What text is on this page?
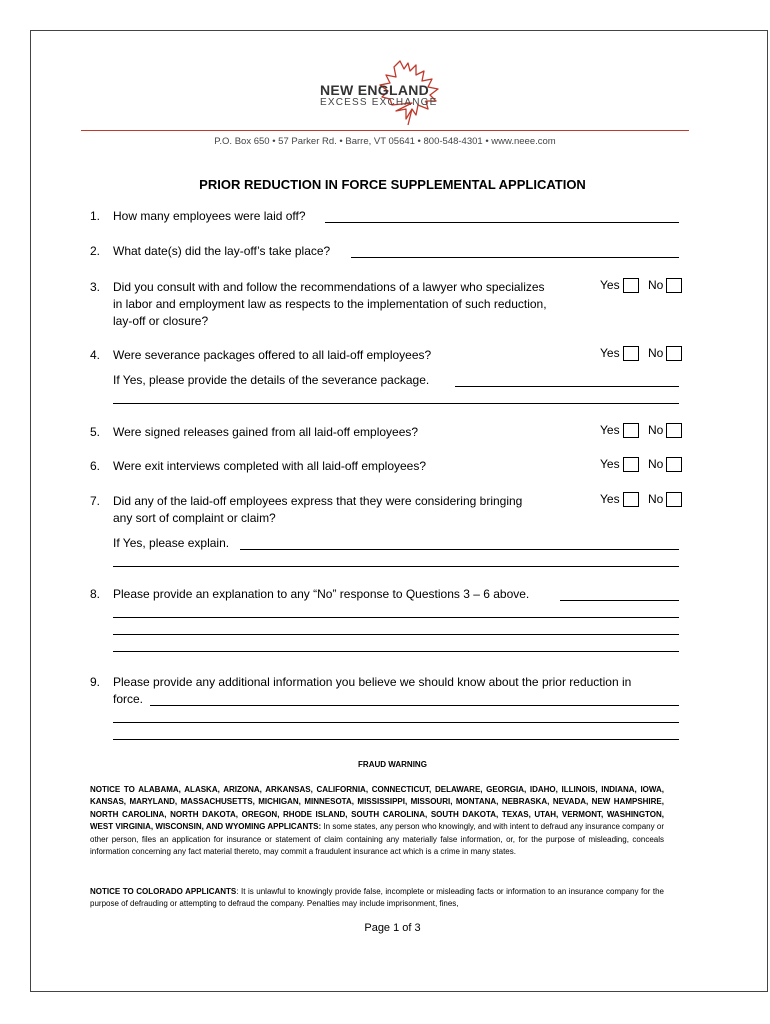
NEW ENGLAND
EXCESS EXCHANGE
P.O. Box 650 • 57 Parker Rd. • Barre, VT 05641 • 800-548-4301 • www.neee.com
PRIOR REDUCTION IN FORCE SUPPLEMENTAL APPLICATION
1. How many employees were laid off?
2. What date(s) did the lay-off’s take place?
3. Did you consult with and follow the recommendations of a lawyer who specializes
in labor and employment law as respects to the implementation of such reduction,
lay-off or closure?
Yes	No
4. Were severance packages offered to all laid-off employees?	Yes	No
If Yes, please provide the details of the severance package.
5. Were signed releases gained from all laid-off employees?	Yes	No
6. Were exit interviews completed with all laid-off employees?	Yes	No
7. Did any of the laid-off employees express that they were considering bringing
any sort of complaint or claim?
Yes	No
If Yes, please explain.
8. Please provide an explanation to any “No” response to Questions 3 – 6 above.
9. Please provide any additional information you believe we should know about the prior reduction in
force.
FRAUD WARNING
NOTICE TO ALABAMA, ALASKA, ARIZONA, ARKANSAS, CALIFORNIA, CONNECTICUT, DELAWARE, GEORGIA, IDAHO, ILLINOIS, INDIANA, IOWA, KANSAS, MARYLAND, MASSACHUSETTS, MICHIGAN, MINNESOTA, MISSISSIPPI, MISSOURI, MONTANA, NEBRASKA, NEVADA, NEW HAMPSHIRE, NORTH CAROLINA, NORTH DAKOTA, OREGON, RHODE ISLAND, SOUTH CAROLINA, SOUTH DAKOTA, TEXAS, UTAH, VERMONT, WASHINGTON, WEST VIRGINIA, WISCONSIN, AND WYOMING APPLICANTS: In some states, any person who knowingly, and with intent to defraud any insurance company or other person, files an application for insurance or statement of claim containing any materially false information, or, for the purpose of misleading, conceals information concerning any fact material thereto, may commit a fraudulent insurance act which is a crime in many states.
NOTICE TO COLORADO APPLICANTS: It is unlawful to knowingly provide false, incomplete or misleading facts or information to an insurance company for the purpose of defrauding or attempting to defraud the company. Penalties may include imprisonment, fines,
Page 1 of 3
